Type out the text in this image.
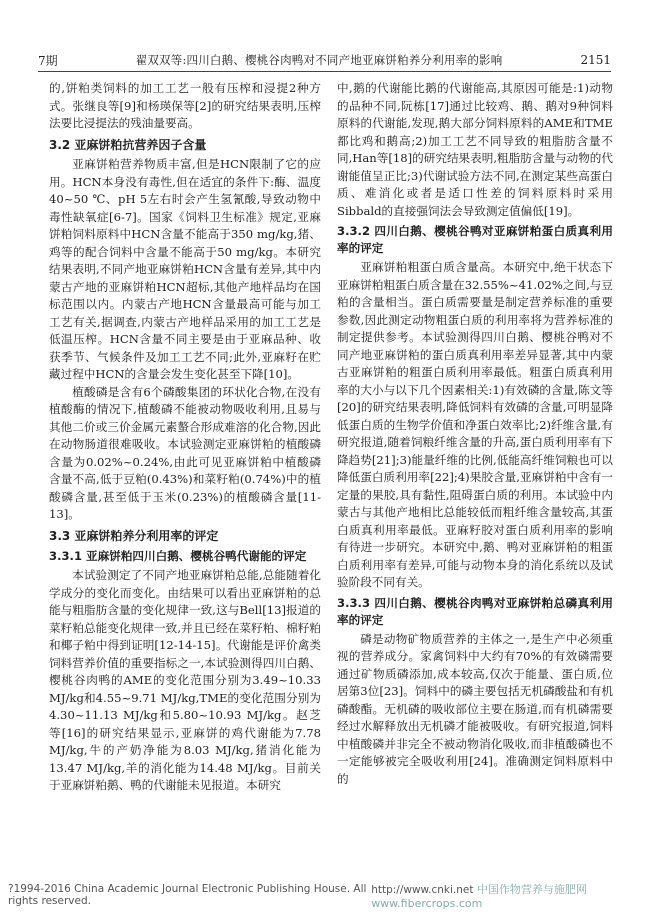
7期	翟双双等:四川白鹅、樱桃谷肉鸭对不同产地亚麻饼粕养分利用率的影响	2151

的,饼粕类饲料的加工工艺一般有压榨和浸提2种方式。张继良等[9]和杨瑛保等[2]的研究结果表明,压榨法要比浸提法的残油量要高。

3.2 亚麻饼粕抗营养因子含量

亚麻饼粕营养物质丰富,但是HCN限制了它的应用。HCN本身没有毒性,但在适宜的条件下:酶、温度40~50 ℃、pH 5左右时会产生氢氰酸,导致动物中毒性缺氧症[6-7]。国家《饲料卫生标准》规定,亚麻饼粕饲料原料中HCN含量不能高于350 mg/kg,猪、鸡等的配合饲料中含量不能高于50 mg/kg。本研究结果表明,不同产地亚麻饼粕HCN含量有差异,其中内蒙古产地的亚麻饼粕HCN超标,其他产地样品均在国标范围以内。内蒙古产地HCN含量最高可能与加工工艺有关,据调查,内蒙古产地样品采用的加工工艺是低温压榨。HCN含量不同主要是由于亚麻品种、收获季节、气候条件及加工工艺不同;此外,亚麻籽在贮藏过程中HCN的含量会发生变化甚至下降[10]。

植酸磷是含有6个磷酸集团的环状化合物,在没有植酸酶的情况下,植酸磷不能被动物吸收利用,且易与其他二价或三价金属元素螯合形成难溶的化合物,因此在动物肠道很难吸收。本试验测定亚麻饼粕的植酸磷含量为0.02%~0.24%,由此可见亚麻饼粕中植酸磷含量不高,低于豆粕(0.43%)和菜籽粕(0.74%)中的植酸磷含量,甚至低于玉米(0.23%)的植酸磷含量[11-13]。

3.3 亚麻饼粕养分利用率的评定
3.3.1 亚麻饼粕四川白鹅、樱桃谷鸭代谢能的评定

本试验测定了不同产地亚麻饼粕总能,总能随着化学成分的变化而变化。由结果可以看出亚麻饼粕的总能与粗脂肪含量的变化规律一致,这与Bell[13]报道的菜籽粕总能变化规律一致,并且已经在菜籽粕、棉籽粕和椰子粕中得到证明[12-14-15]。代谢能是评价禽类饲料营养价值的重要指标之一,本试验测得四川白鹅、樱桃谷肉鸭的AME的变化范围分别为3.49~10.33 MJ/kg和4.55~9.71 MJ/kg,TME的变化范围分别为4.30~11.13 MJ/kg和5.80~10.93 MJ/kg。赵芝等[16]的研究结果显示,亚麻饼的鸡代谢能为7.78 MJ/kg,牛的产奶净能为8.03 MJ/kg,猪消化能为13.47 MJ/kg,羊的消化能为14.48 MJ/kg。目前关于亚麻饼粕鹅、鸭的代谢能未见报道。本研究

中,鹅的代谢能比鹅的代谢能高,其原因可能是:1)动物的品种不同,阮栋[17]通过比较鸡、鹅、鹅对9种饲料原料的代谢能,发现,鹅大部分饲料原料的AME和TME都比鸡和鹅高;2)加工工艺不同导致的粗脂肪含量不同,Han等[18]的研究结果表明,粗脂肪含量与动物的代谢能值呈正比;3)代谢试验方法不同,在测定某些高蛋白质、难消化或者是适口性差的饲料原料时采用Sibbald的直接强饲法会导致测定值偏低[19]。

3.3.2 四川白鹅、樱桃谷鸭对亚麻饼粕蛋白质真利用率的评定

亚麻饼粕粗蛋白质含量高。本研究中,绝干状态下亚麻饼粕粗蛋白质含量在32.55%~41.02%之间,与豆粕的含量相当。蛋白质需要量是制定营养标准的重要参数,因此测定动物粗蛋白质的利用率将为营养标准的制定提供参考。本试验测得四川白鹅、樱桃谷鸭对不同产地亚麻饼粕的蛋白质真利用率差异显著,其中内蒙古亚麻饼粕的粗蛋白质利用率最低。粗蛋白质真利用率的大小与以下几个因素相关:1)有效磷的含量,陈文等[20]的研究结果表明,降低饲料有效磷的含量,可明显降低蛋白质的生物学价值和净蛋白效率比;2)纤维含量,有研究报道,随着饲粮纤维含量的升高,蛋白质利用率有下降趋势[21];3)能量纤维的比例,低能高纤维饲粮也可以降低蛋白质利用率[22];4)果胶含量,亚麻饼粕中含有一定量的果胶,具有黏性,阻碍蛋白质的利用。本试验中内蒙古与其他产地相比总能较低而粗纤维含量较高,其蛋白质真利用率最低。亚麻籽胶对蛋白质利用率的影响有待进一步研究。本研究中,鹅、鸭对亚麻饼粕的粗蛋白质利用率有差异,可能与动物本身的消化系统以及试验阶段不同有关。

3.3.3 四川白鹅、樱桃谷肉鸭对亚麻饼粕总磷真利用率的评定

磷是动物矿物质营养的主体之一,是生产中必须重视的营养成分。家禽饲料中大约有70%的有效磷需要通过矿物质磷添加,成本较高,仅次于能量、蛋白质,位居第3位[23]。饲料中的磷主要包括无机磷酸盐和有机磷酸酯。无机磷的吸收部位主要在肠道,而有机磷需要经过水解释放出无机磷才能被吸收。有研究报道,饲料中植酸磷并非完全不被动物消化吸收,而非植酸磷也不一定能够被完全吸收利用[24]。准确测定饲料原料中的

?1994-2016 China Academic Journal Electronic Publishing House. All rights reserved.
http://www.cnki.net 中国作物营养与施肥网 www.fibercrops.com
